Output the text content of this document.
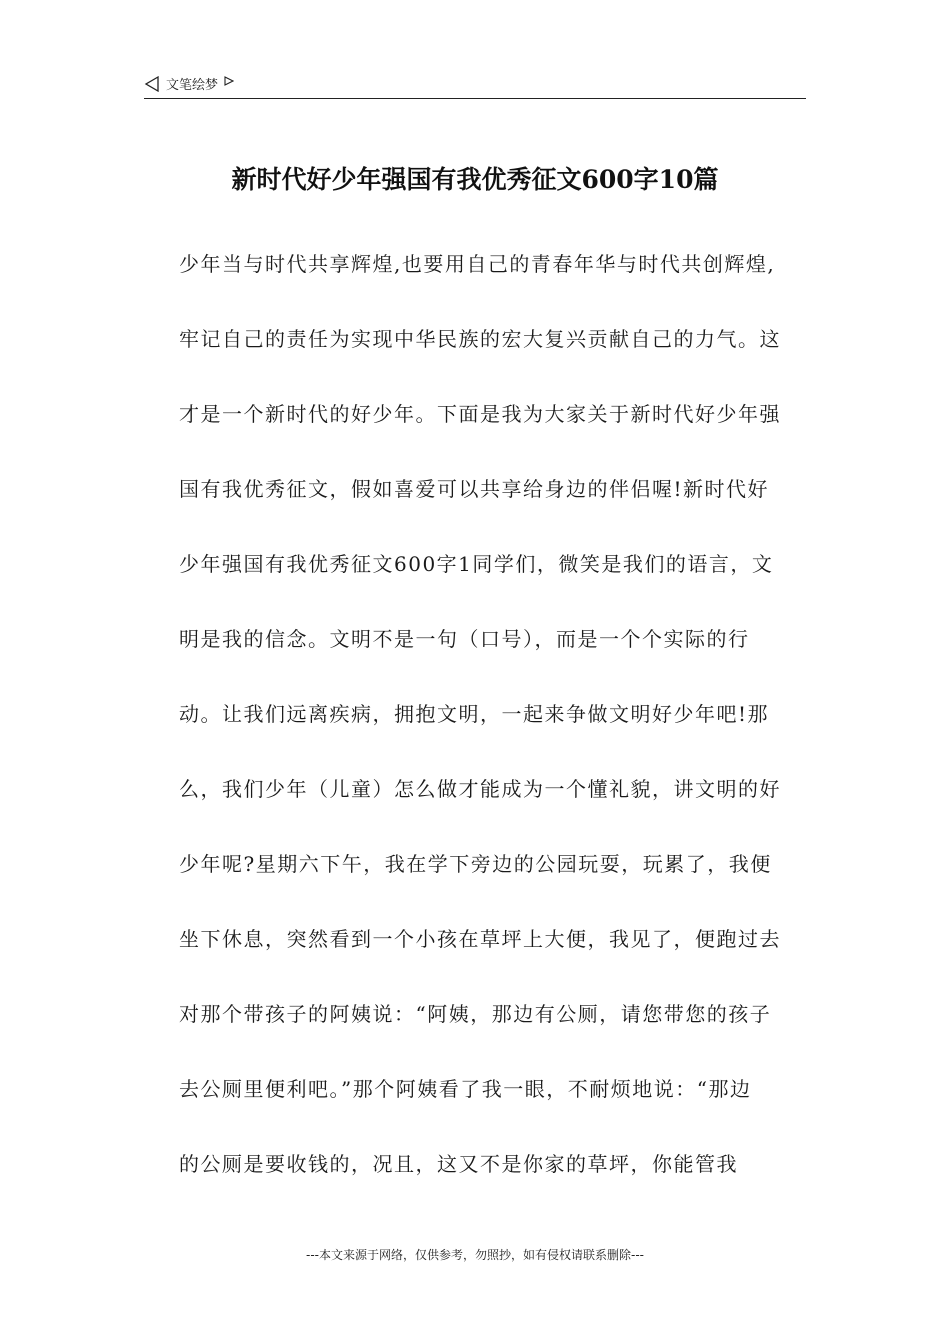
文笔绘梦
新时代好少年强国有我优秀征文600字10篇
少年当与时代共享辉煌,也要用自己的青春年华与时代共创辉煌,
牢记自己的责任为实现中华民族的宏大复兴贡献自己的力气。这
才是一个新时代的好少年。下面是我为大家关于新时代好少年强
国有我优秀征文，假如喜爱可以共享给身边的伴侣喔!新时代好
少年强国有我优秀征文600字1同学们，微笑是我们的语言，文
明是我的信念。文明不是一句（口号），而是一个个实际的行
动。让我们远离疾病，拥抱文明，一起来争做文明好少年吧!那
么，我们少年（儿童）怎么做才能成为一个懂礼貌，讲文明的好
少年呢?星期六下午，我在学下旁边的公园玩耍，玩累了，我便
坐下休息，突然看到一个小孩在草坪上大便，我见了，便跑过去
对那个带孩子的阿姨说：“阿姨，那边有公厕，请您带您的孩子
去公厕里便利吧。”那个阿姨看了我一眼，不耐烦地说：“那边
的公厕是要收钱的，况且，这又不是你家的草坪，你能管我
---本文来源于网络，仅供参考，勿照抄，如有侵权请联系删除---
